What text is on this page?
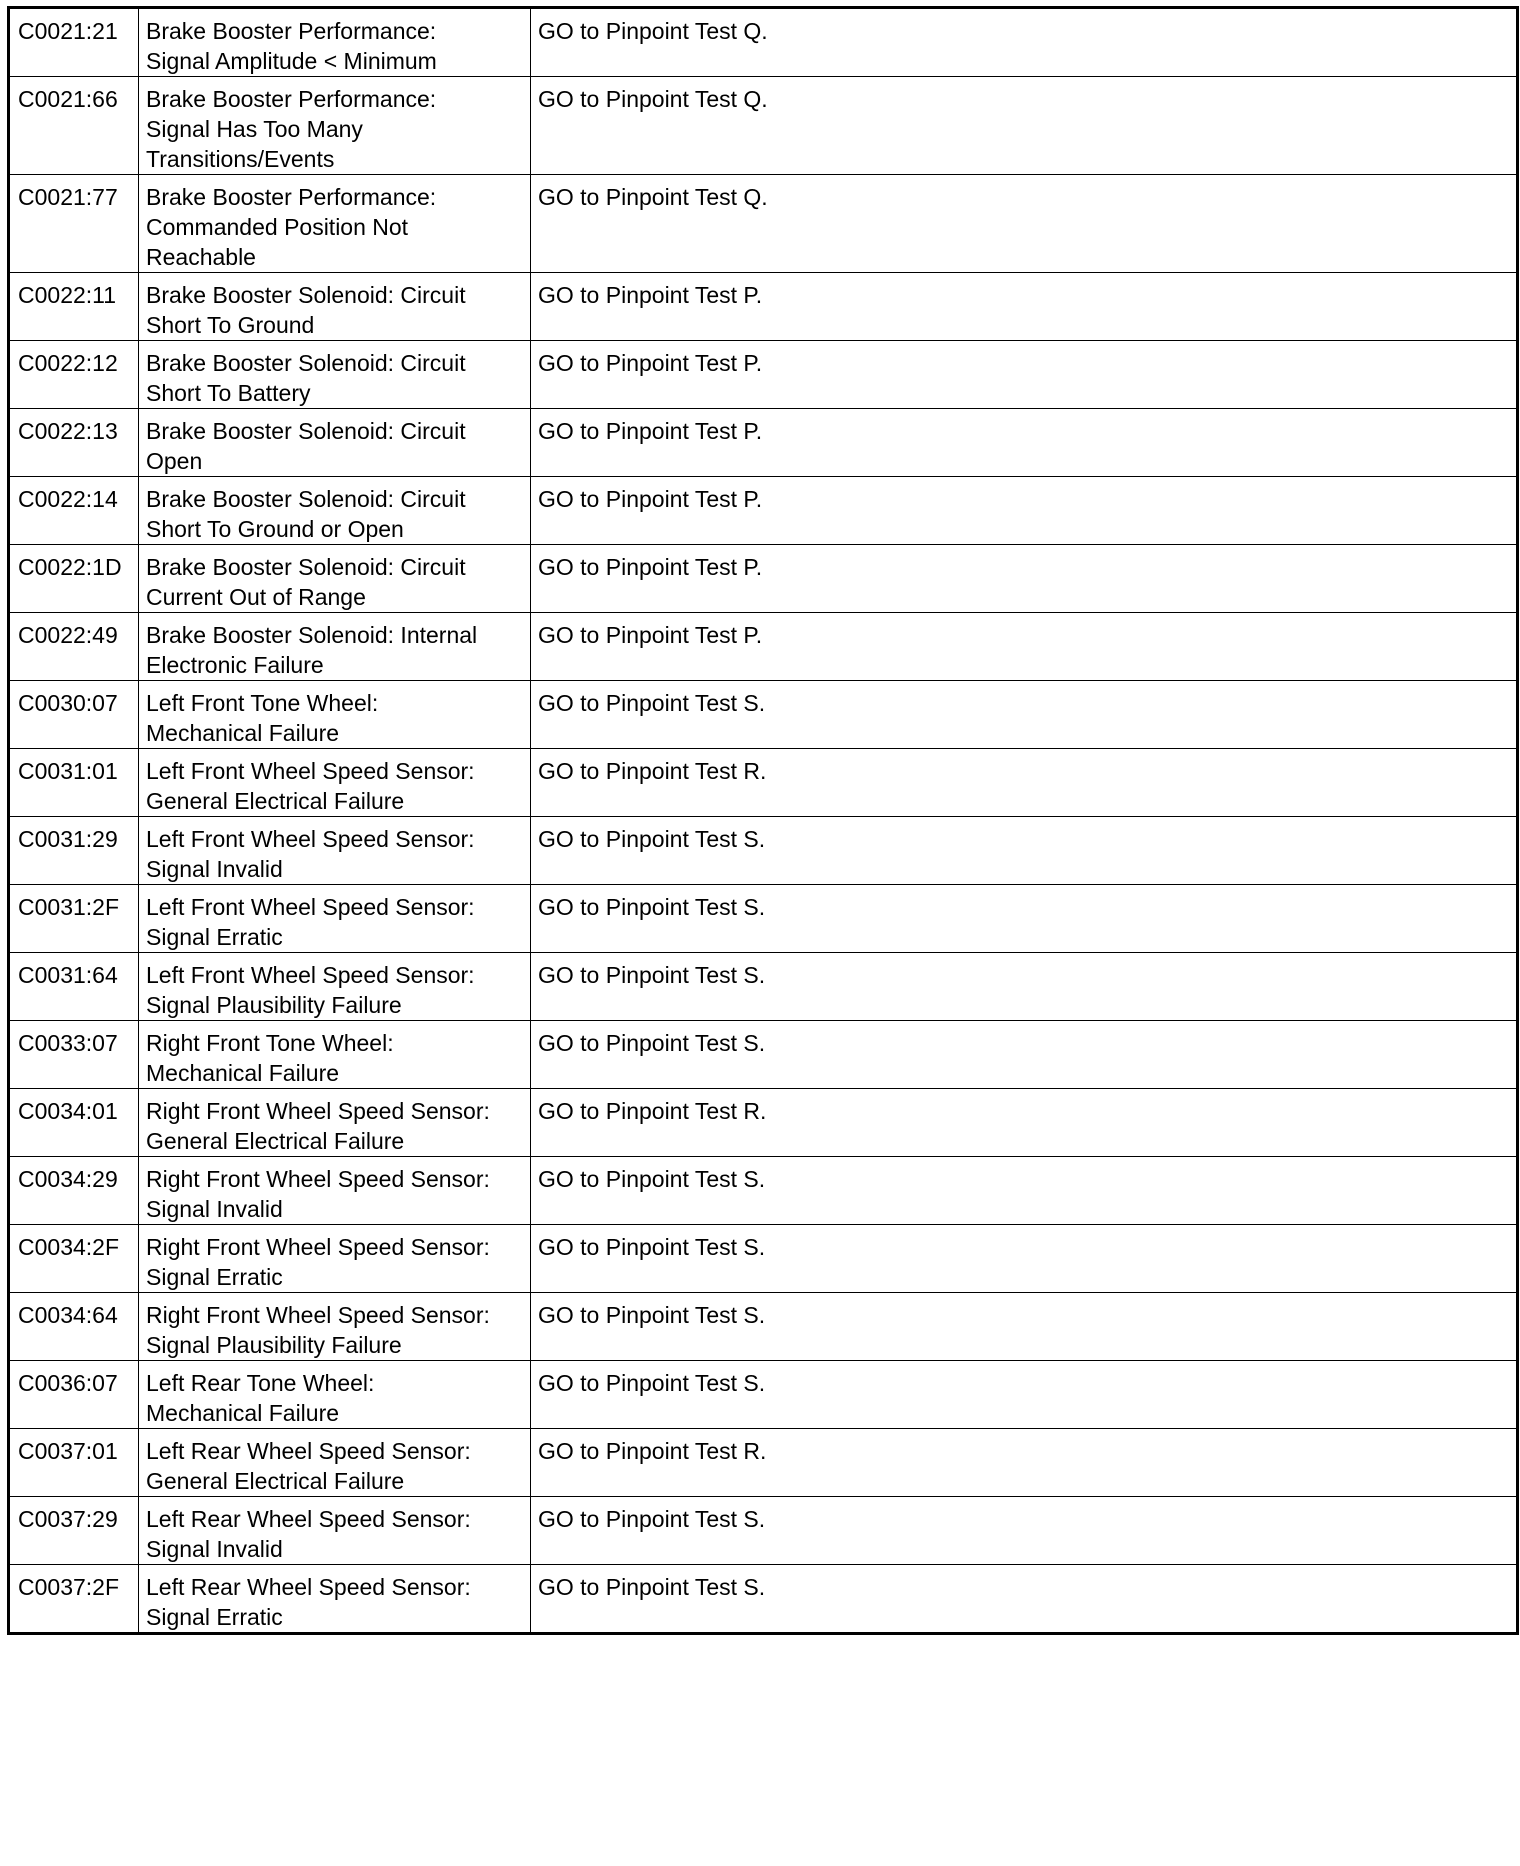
C0021:21	Brake Booster Performance:
Signal Amplitude < Minimum	GO to Pinpoint Test Q.
C0021:66	Brake Booster Performance:
Signal Has Too Many
Transitions/Events	GO to Pinpoint Test Q.
C0021:77	Brake Booster Performance:
Commanded Position Not
Reachable	GO to Pinpoint Test Q.
C0022:11	Brake Booster Solenoid: Circuit
Short To Ground	GO to Pinpoint Test P.
C0022:12	Brake Booster Solenoid: Circuit
Short To Battery	GO to Pinpoint Test P.
C0022:13	Brake Booster Solenoid: Circuit
Open	GO to Pinpoint Test P.
C0022:14	Brake Booster Solenoid: Circuit
Short To Ground or Open	GO to Pinpoint Test P.
C0022:1D	Brake Booster Solenoid: Circuit
Current Out of Range	GO to Pinpoint Test P.
C0022:49	Brake Booster Solenoid: Internal
Electronic Failure	GO to Pinpoint Test P.
C0030:07	Left Front Tone Wheel:
Mechanical Failure	GO to Pinpoint Test S.
C0031:01	Left Front Wheel Speed Sensor:
General Electrical Failure	GO to Pinpoint Test R.
C0031:29	Left Front Wheel Speed Sensor:
Signal Invalid	GO to Pinpoint Test S.
C0031:2F	Left Front Wheel Speed Sensor:
Signal Erratic	GO to Pinpoint Test S.
C0031:64	Left Front Wheel Speed Sensor:
Signal Plausibility Failure	GO to Pinpoint Test S.
C0033:07	Right Front Tone Wheel:
Mechanical Failure	GO to Pinpoint Test S.
C0034:01	Right Front Wheel Speed Sensor:
General Electrical Failure	GO to Pinpoint Test R.
C0034:29	Right Front Wheel Speed Sensor:
Signal Invalid	GO to Pinpoint Test S.
C0034:2F	Right Front Wheel Speed Sensor:
Signal Erratic	GO to Pinpoint Test S.
C0034:64	Right Front Wheel Speed Sensor:
Signal Plausibility Failure	GO to Pinpoint Test S.
C0036:07	Left Rear Tone Wheel:
Mechanical Failure	GO to Pinpoint Test S.
C0037:01	Left Rear Wheel Speed Sensor:
General Electrical Failure	GO to Pinpoint Test R.
C0037:29	Left Rear Wheel Speed Sensor:
Signal Invalid	GO to Pinpoint Test S.
C0037:2F	Left Rear Wheel Speed Sensor:
Signal Erratic	GO to Pinpoint Test S.
